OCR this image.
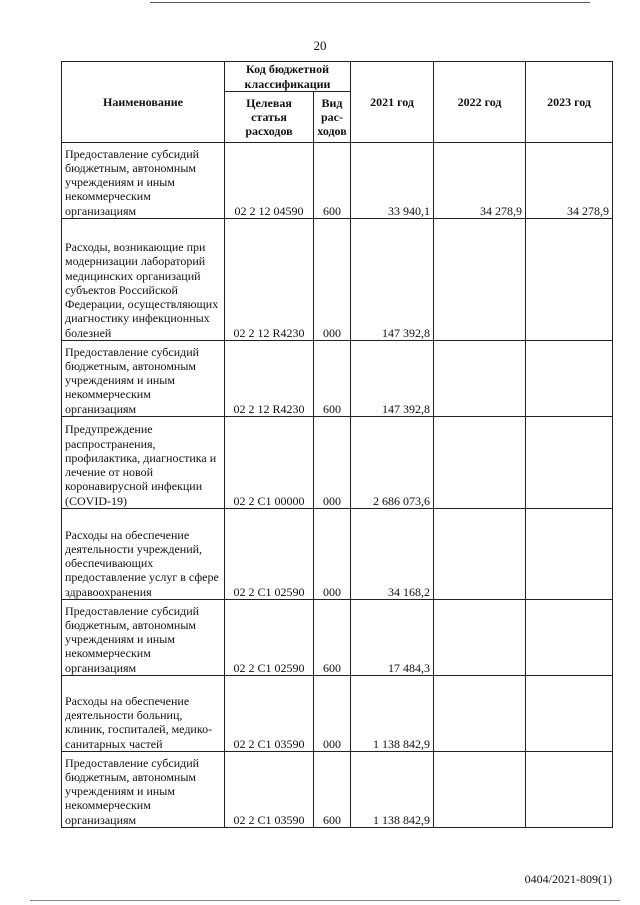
20
Наименование	Код бюджетной классификации		2021 год	2022 год	2023 год
	Целевая статья расходов	Вид рас-ходов			
Предоставление субсидий бюджетным, автономным учреждениям и иным некоммерческим организациям	02 2 12 04590	600	33 940,1	34 278,9	34 278,9
Расходы, возникающие при модернизации лабораторий медицинских организаций субъектов Российской Федерации, осуществляющих диагностику инфекционных болезней	02 2 12 R4230	000	147 392,8		
Предоставление субсидий бюджетным, автономным учреждениям и иным некоммерческим организациям	02 2 12 R4230	600	147 392,8		
Предупреждение распространения, профилактика, диагностика и лечение от новой коронавирусной инфекции (COVID-19)	02 2 C1 00000	000	2 686 073,6		
Расходы на обеспечение деятельности учреждений, обеспечивающих предоставление услуг в сфере здравоохранения	02 2 C1 02590	000	34 168,2		
Предоставление субсидий бюджетным, автономным учреждениям и иным некоммерческим организациям	02 2 C1 02590	600	17 484,3		
Расходы на обеспечение деятельности больниц, клиник, госпиталей, медико-санитарных частей	02 2 C1 03590	000	1 138 842,9		
Предоставление субсидий бюджетным, автономным учреждениям и иным некоммерческим организациям	02 2 C1 03590	600	1 138 842,9		
0404/2021-809(1)
